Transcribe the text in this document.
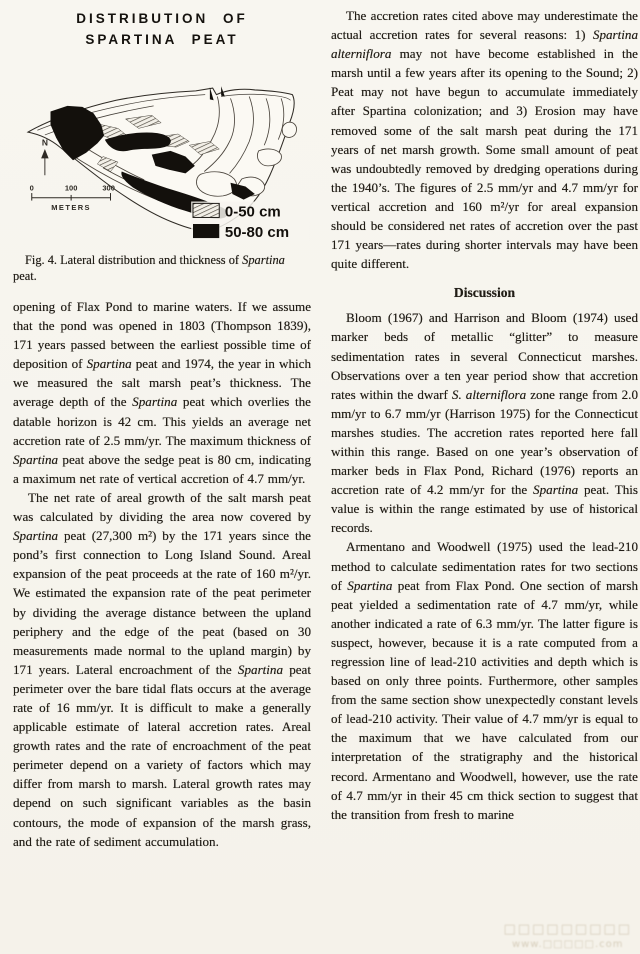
DISTRIBUTION OF
SPARTINA PEAT
N
0	100	300
METERS	0-50 cm
50-80 cm

Fig. 4. Lateral distribution and thickness of Spartina peat.

opening of Flax Pond to marine waters. If we assume that the pond was opened in 1803 (Thompson 1839), 171 years passed between the earliest possible time of deposition of Spartina peat and 1974, the year in which we measured the salt marsh peat’s thickness. The average depth of the Spartina peat which overlies the datable horizon is 42 cm. This yields an average net accretion rate of 2.5 mm/yr. The maximum thickness of Spartina peat above the sedge peat is 80 cm, indicating a maximum net rate of vertical accretion of 4.7 mm/yr.

The net rate of areal growth of the salt marsh peat was calculated by dividing the area now covered by Spartina peat (27,300 m²) by the 171 years since the pond’s first connection to Long Island Sound. Areal expansion of the peat proceeds at the rate of 160 m²/yr. We estimated the expansion rate of the peat perimeter by dividing the average distance between the upland periphery and the edge of the peat (based on 30 measurements made normal to the upland margin) by 171 years. Lateral encroachment of the Spartina peat perimeter over the bare tidal flats occurs at the average rate of 16 mm/yr. It is difficult to make a generally applicable estimate of lateral accretion rates. Areal growth rates and the rate of encroachment of the peat perimeter depend on a variety of factors which may differ from marsh to marsh. Lateral growth rates may depend on such significant variables as the basin contours, the mode of expansion of the marsh grass, and the rate of sediment accumulation.

The accretion rates cited above may underestimate the actual accretion rates for several reasons: 1) Spartina alterniflora may not have become established in the marsh until a few years after its opening to the Sound; 2) Peat may not have begun to accumulate immediately after Spartina colonization; and 3) Erosion may have removed some of the salt marsh peat during the 171 years of net marsh growth. Some small amount of peat was undoubtedly removed by dredging operations during the 1940’s. The figures of 2.5 mm/yr and 4.7 mm/yr for vertical accretion and 160 m²/yr for areal expansion should be considered net rates of accretion over the past 171 years—rates during shorter intervals may have been quite different.

Discussion

Bloom (1967) and Harrison and Bloom (1974) used marker beds of metallic “glitter” to measure sedimentation rates in several Connecticut marshes. Observations over a ten year period show that accretion rates within the dwarf S. alterniflora zone range from 2.0 mm/yr to 6.7 mm/yr (Harrison 1975) for the Connecticut marshes studies. The accretion rates reported here fall within this range. Based on one year’s observation of marker beds in Flax Pond, Richard (1976) reports an accretion rate of 4.2 mm/yr for the Spartina peat. This value is within the range estimated by use of historical records.

Armentano and Woodwell (1975) used the lead-210 method to calculate sedimentation rates for two sections of Spartina peat from Flax Pond. One section of marsh peat yielded a sedimentation rate of 4.7 mm/yr, while another indicated a rate of 6.3 mm/yr. The latter figure is suspect, however, because it is a rate computed from a regression line of lead-210 activities and depth which is based on only three points. Furthermore, other samples from the same section show unexpectedly constant levels of lead-210 activity. Their value of 4.7 mm/yr is equal to the maximum that we have calculated from our interpretation of the stratigraphy and the historical record. Armentano and Woodwell, however, use the rate of 4.7 mm/yr in their 45 cm thick section to suggest that the transition from fresh to marine

□□□□□□□□□
www.□□□□□.com
